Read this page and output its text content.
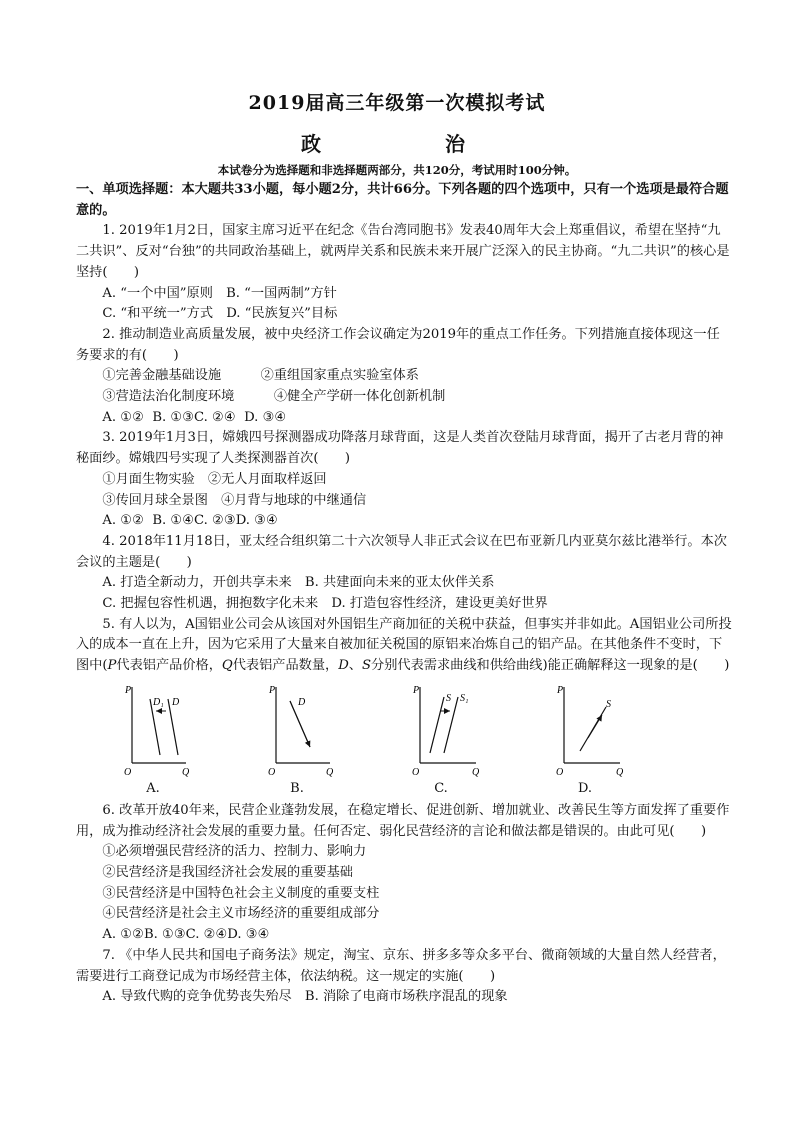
2019届高三年级第一次模拟考试
政　　治
本试卷分为选择题和非选择题两部分，共120分，考试用时100分钟。

一、单项选择题：本大题共33小题，每小题2分，共计66分。下列各题的四个选项中，只有一个选项是最符合题意的。

1. 2019年1月2日，国家主席习近平在纪念《告台湾同胞书》发表40周年大会上郑重倡议，希望在坚持“九二共识”、反对“台独”的共同政治基础上，就两岸关系和民族未来开展广泛深入的民主协商。“九二共识”的核心是坚持(　　)

A. “一个中国”原则　B. “一国两制”方针

C. “和平统一”方式　D. “民族复兴”目标

2. 推动制造业高质量发展，被中央经济工作会议确定为2019年的重点工作任务。下列措施直接体现这一任务要求的有(　　)

①完善金融基础设施　　　②重组国家重点实验室体系

③营造法治化制度环境　　　④健全产学研一体化创新机制

A. ①②  B. ①③C. ②④  D. ③④

3. 2019年1月3日，嫦娥四号探测器成功降落月球背面，这是人类首次登陆月球背面，揭开了古老月背的神秘面纱。嫦娥四号实现了人类探测器首次(　　)

①月面生物实验　②无人月面取样返回

③传回月球全景图　④月背与地球的中继通信

A. ①②  B. ①④C. ②③D. ③④

4. 2018年11月18日，亚太经合组织第二十六次领导人非正式会议在巴布亚新几内亚莫尔兹比港举行。本次会议的主题是(　　)

A. 打造全新动力，开创共享未来　B. 共建面向未来的亚太伙伴关系

C. 把握包容性机遇，拥抱数字化未来　D. 打造包容性经济，建设更美好世界

5. 有人以为，A国铝业公司会从该国对外国铝生产商加征的关税中获益，但事实并非如此。A国铝业公司所投入的成本一直在上升，因为它采用了大量来自被加征关税国的原铝来冶炼自己的铝产品。在其他条件不变时，下图中(P代表铝产品价格，Q代表铝产品数量，D、S分别代表需求曲线和供给曲线)能正确解释这一现象的是(　　)

P
O	Q
D₁ D
A.
P
O	Q
D
B.
P
O	Q
S S₁
C.
P
O	Q
S
D.

6. 改革开放40年来，民营企业蓬勃发展，在稳定增长、促进创新、增加就业、改善民生等方面发挥了重要作用，成为推动经济社会发展的重要力量。任何否定、弱化民营经济的言论和做法都是错误的。由此可见(　　)

①必须增强民营经济的活力、控制力、影响力

②民营经济是我国经济社会发展的重要基础

③民营经济是中国特色社会主义制度的重要支柱

④民营经济是社会主义市场经济的重要组成部分

A. ①②B. ①③C. ②④D. ③④

7. 《中华人民共和国电子商务法》规定，淘宝、京东、拼多多等众多平台、微商领域的大量自然人经营者，需要进行工商登记成为市场经营主体，依法纳税。这一规定的实施(　　)

A. 导致代购的竞争优势丧失殆尽　B. 消除了电商市场秩序混乱的现象
